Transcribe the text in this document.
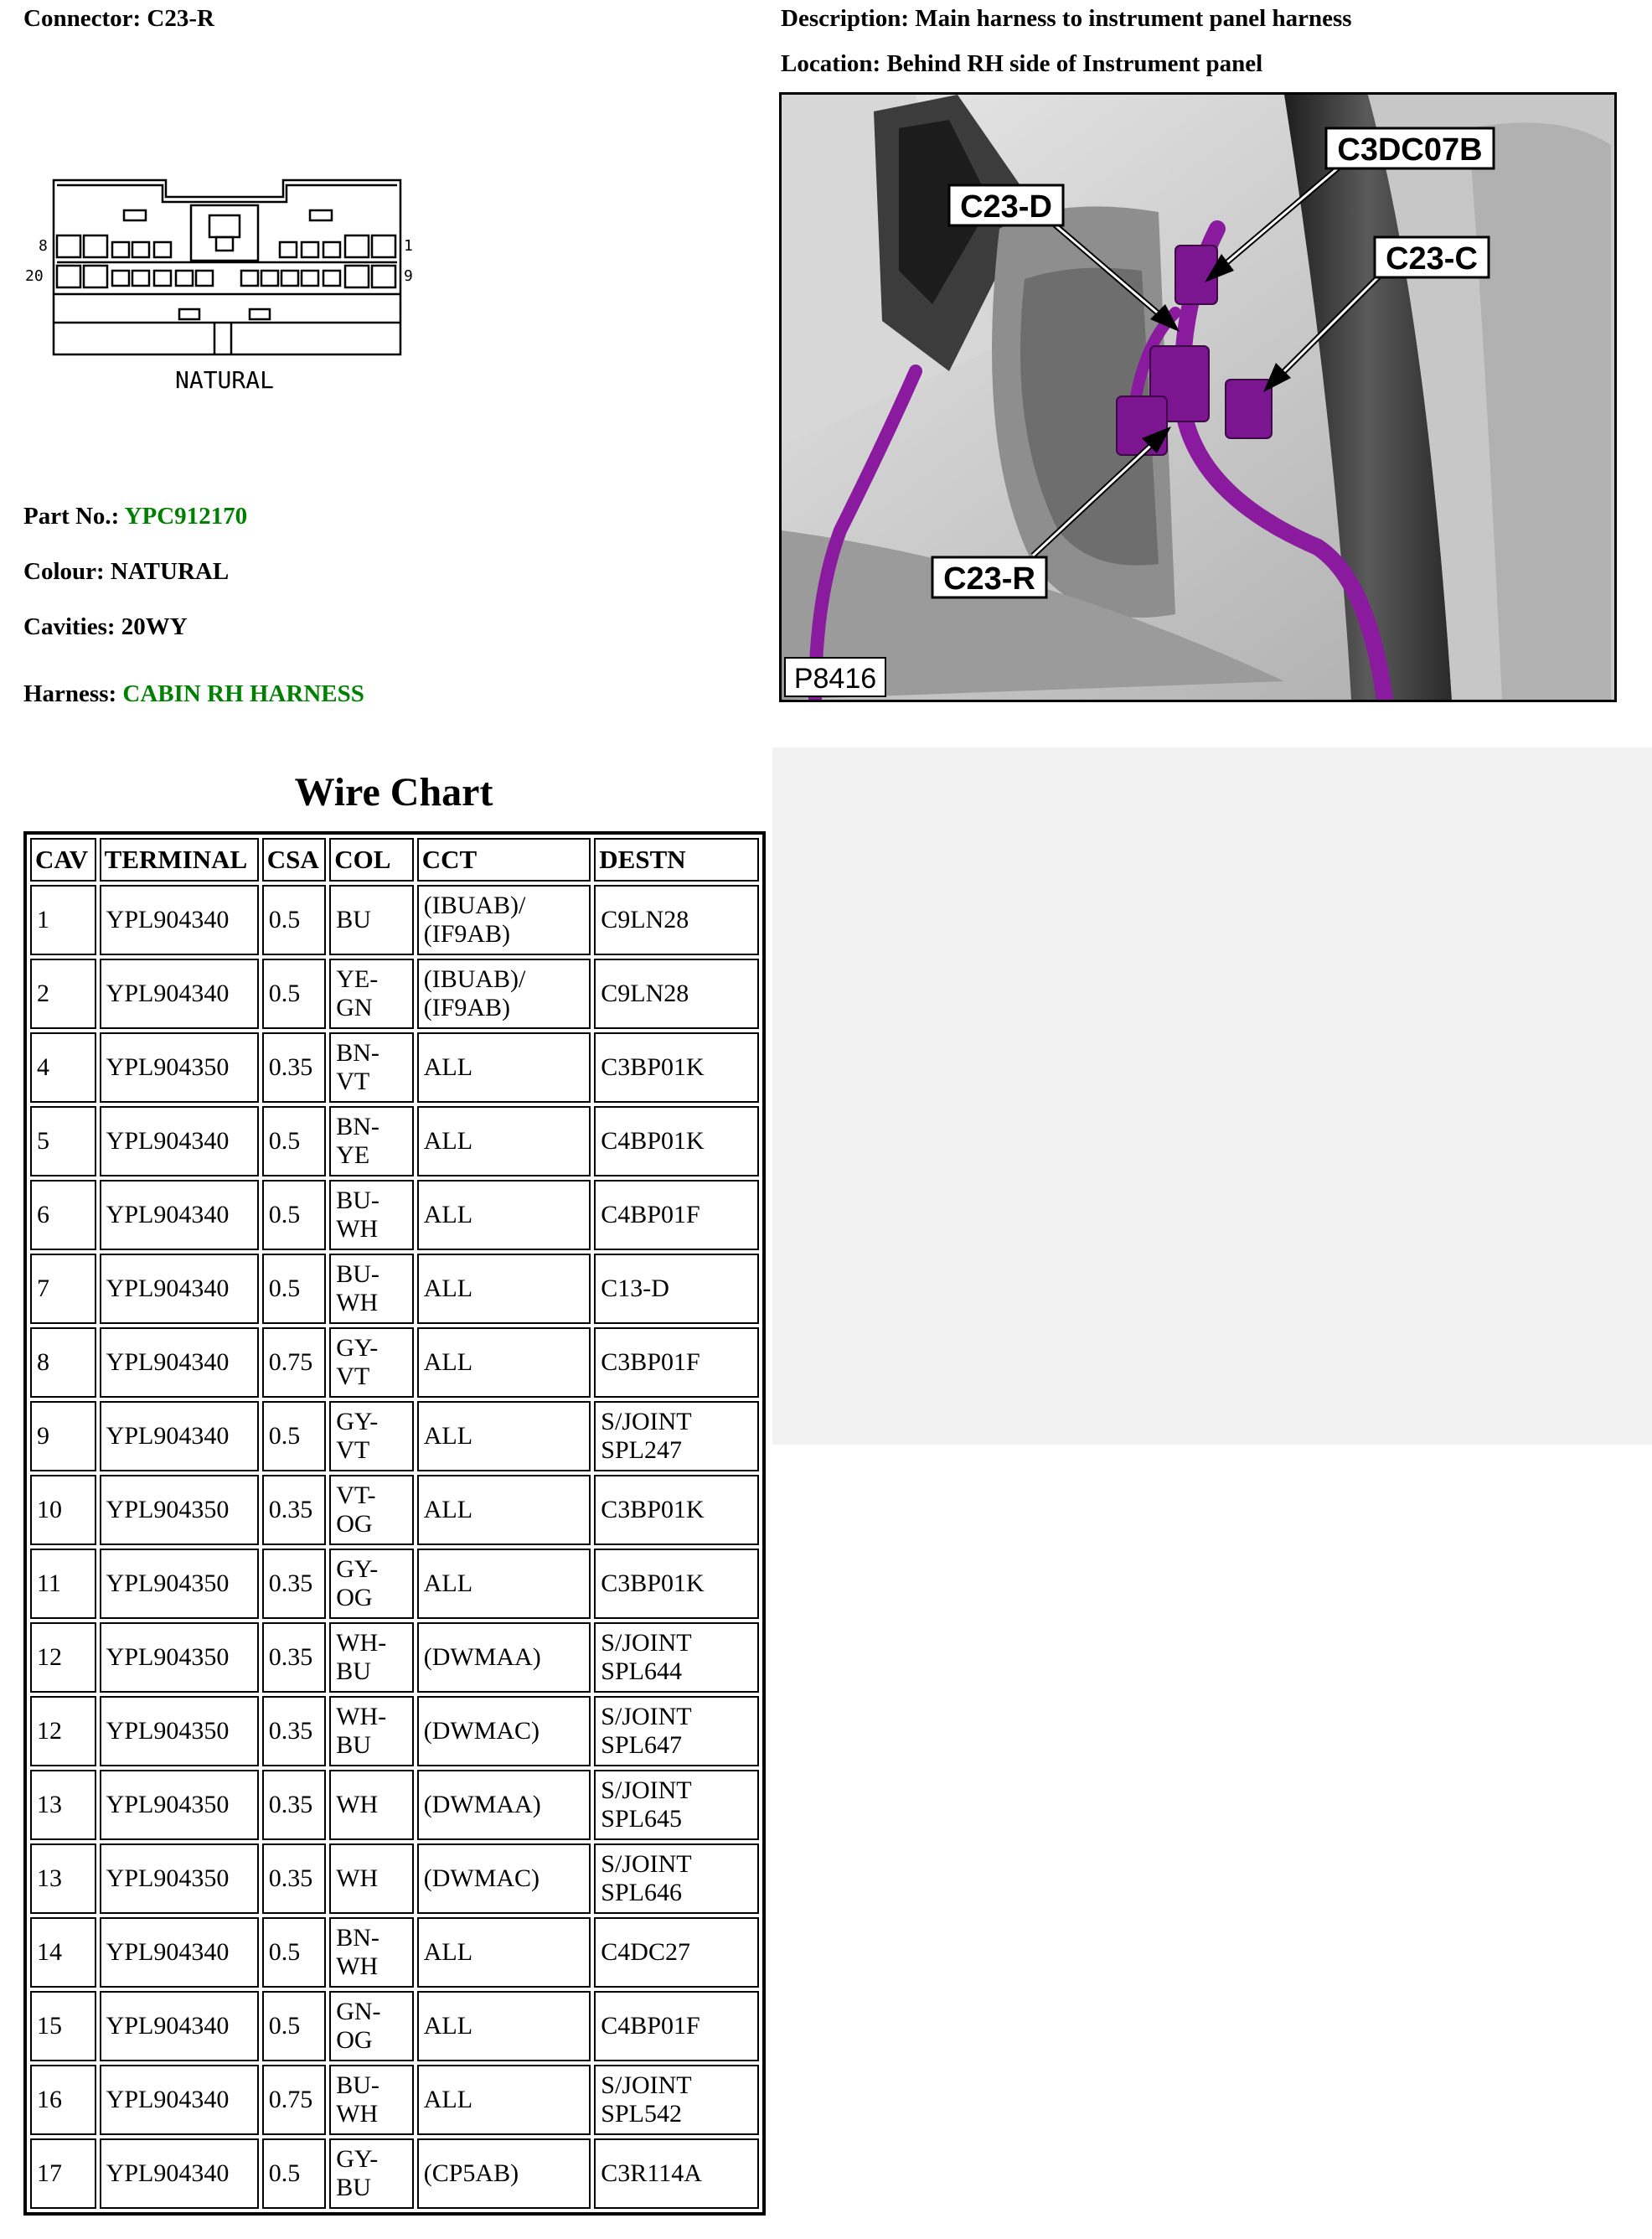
Connector: C23-R	Description: Main harness to instrument panel harness
Location: Behind RH side of Instrument panel
8
20
1
9
NATURAL
Part No.: YPC912170
Colour: NATURAL
Cavities: 20WY
Harness: CABIN RH HARNESS
C3DC07B
C23-D
C23-C
C23-R
P8416
Wire Chart
CAV	TERMINAL	CSA	COL	CCT	DESTN
1	YPL904340	0.5	BU	(IBUAB)/
(IF9AB)	C9LN28

2	YPL904340	0.5	YE-
GN	(IBUAB)/
(IF9AB)	C9LN28

4	YPL904350	0.35	BN-
VT	ALL	C3BP01K

5	YPL904340	0.5	BN-
YE	ALL	C4BP01K

6	YPL904340	0.5	BU-
WH	ALL	C4BP01F

7	YPL904340	0.5	BU-
WH	ALL	C13-D

8	YPL904340	0.75	GY-
VT	ALL	C3BP01F

9	YPL904340	0.5	GY-
VT	ALL	S/JOINT
SPL247

10	YPL904350	0.35	VT-
OG	ALL	C3BP01K

11	YPL904350	0.35	GY-
OG	ALL	C3BP01K

12	YPL904350	0.35	WH-
BU	(DWMAA)	S/JOINT
SPL644

12	YPL904350	0.35	WH-
BU	(DWMAC)	S/JOINT
SPL647

13	YPL904350	0.35	WH	(DWMAA)	S/JOINT
SPL645

13	YPL904350	0.35	WH	(DWMAC)	S/JOINT
SPL646

14	YPL904340	0.5	BN-
WH	ALL	C4DC27

15	YPL904340	0.5	GN-
OG	ALL	C4BP01F

16	YPL904340	0.75	BU-
WH	ALL	S/JOINT
SPL542

17	YPL904340	0.5	GY-
BU	(CP5AB)	C3R114A
